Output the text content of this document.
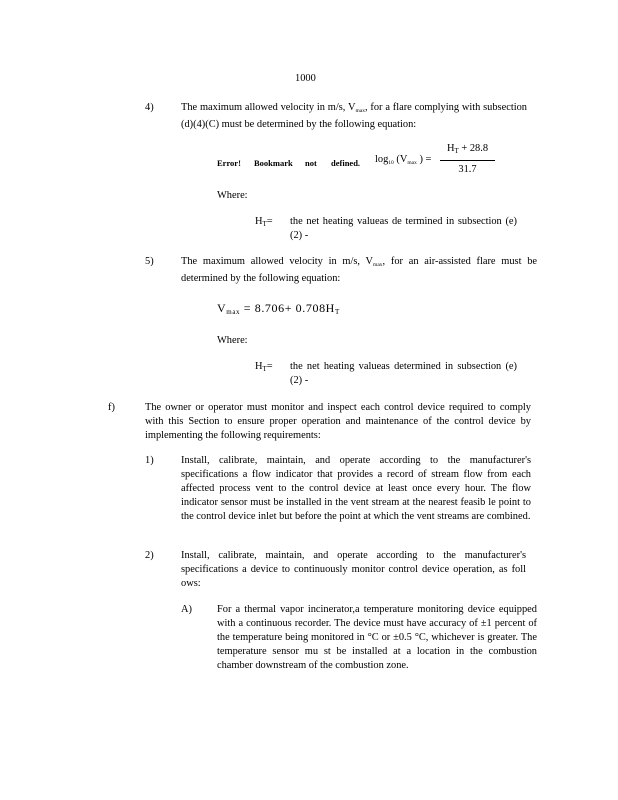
1000
4)	The maximum allowed velocity in m/s, $V_{max}$, for a flare complying with subsection (d)(4)(C) must be determined by the following equation:

Error! Bookmark not defined. $\log_{10} (V_{max}$ ) =
$H_T + 28.8$
31.7
Where:
$H_T=$ the net heating valueas de termined in subsection (e)(2) -

5)	The maximum allowed velocity in m/s, $V_{max}$, for an air-assisted flare must be determined by the following equation:

$V_{max} = 8.706+ 0.708H_T$
Where:
$H_T=$ the net heating valueas determined in subsection (e)(2) -

f)	The owner or operator must monitor and inspect each control device required to comply with this Section to ensure proper operation and maintenance of the control device by implementing the following requirements:

1)	Install, calibrate, maintain, and operate according to the manufacturer's specifications a flow indicator that provides a record of stream flow from each affected process vent to the control device at least once every hour. The flow indicator sensor must be installed in the vent stream at the nearest feasib le point to the control device inlet but before the point at which the vent streams are combined.

2)	Install, calibrate, maintain, and operate according to the manufacturer's specifications a device to continuously monitor control device operation, as foll ows:

A) For a thermal vapor incinerator,a temperature monitoring device equipped with a continuous recorder. The device must have accuracy of ±1 percent of the temperature being monitored in °C or ±0.5 °C, whichever is greater. The temperature sensor mu st be installed at a location in the combustion chamber downstream of the combustion zone.
